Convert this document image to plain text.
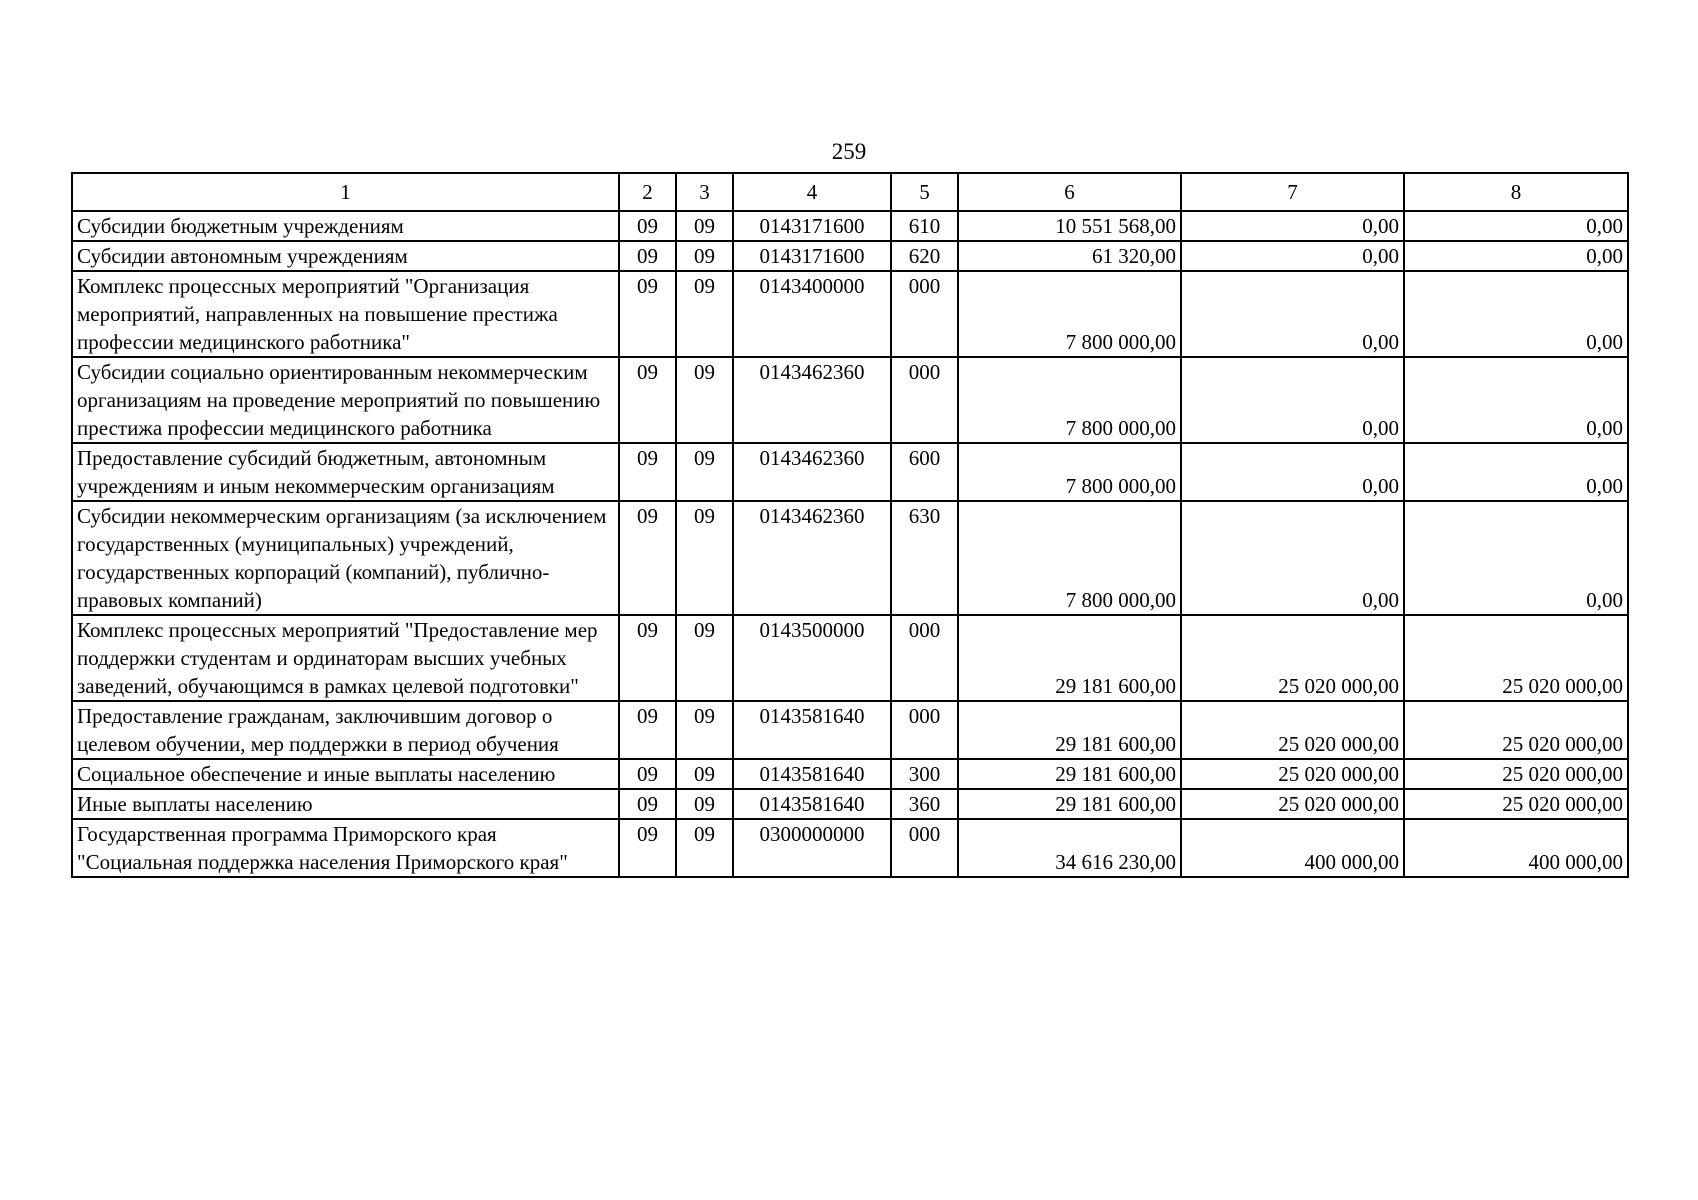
259
1	2	3	4	5	6	7	8
Субсидии бюджетным учреждениям	09	09	0143171600	610	10 551 568,00	0,00	0,00
Субсидии автономным учреждениям	09	09	0143171600	620	61 320,00	0,00	0,00
Комплекс процессных мероприятий "Организация мероприятий, направленных на повышение престижа профессии медицинского работника"	09	09	0143400000	000	7 800 000,00	0,00	0,00
Субсидии социально ориентированным некоммерческим организациям на проведение мероприятий по повышению престижа профессии медицинского работника	09	09	0143462360	000	7 800 000,00	0,00	0,00
Предоставление субсидий бюджетным, автономным учреждениям и иным некоммерческим организациям	09	09	0143462360	600	7 800 000,00	0,00	0,00
Субсидии некоммерческим организациям (за исключением государственных (муниципальных) учреждений, государственных корпораций (компаний), публично-правовых компаний)	09	09	0143462360	630	7 800 000,00	0,00	0,00
Комплекс процессных мероприятий "Предоставление мер поддержки студентам и ординаторам высших учебных заведений, обучающимся в рамках целевой подготовки"	09	09	0143500000	000	29 181 600,00	25 020 000,00	25 020 000,00
Предоставление гражданам, заключившим договор о целевом обучении, мер поддержки в период обучения	09	09	0143581640	000	29 181 600,00	25 020 000,00	25 020 000,00
Социальное обеспечение и иные выплаты населению	09	09	0143581640	300	29 181 600,00	25 020 000,00	25 020 000,00
Иные выплаты населению	09	09	0143581640	360	29 181 600,00	25 020 000,00	25 020 000,00
Государственная программа Приморского края "Социальная поддержка населения Приморского края"	09	09	0300000000	000	34 616 230,00	400 000,00	400 000,00
